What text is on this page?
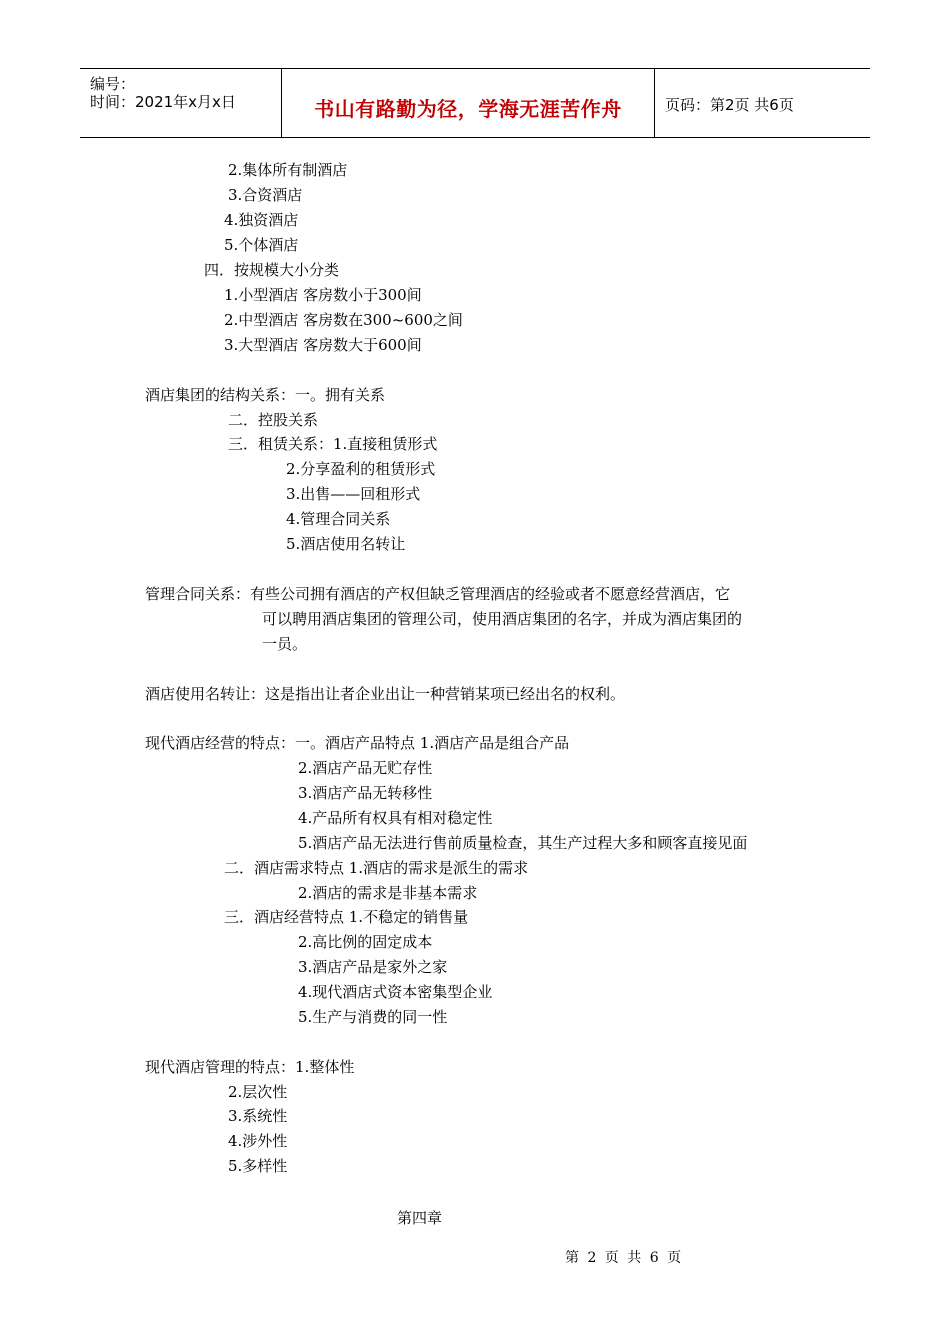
编号：
时间：2021年x月x日	书山有路勤为径，学海无涯苦作舟	页码：第2页 共6页
2.集体所有制酒店
3.合资酒店
4.独资酒店
5.个体酒店
四．按规模大小分类
1.小型酒店 客房数小于300间
2.中型酒店 客房数在300~600之间
3.大型酒店 客房数大于600间
酒店集团的结构关系：一。拥有关系
二．控股关系
三．租赁关系：1.直接租赁形式
2.分享盈利的租赁形式
3.出售——回租形式
4.管理合同关系
5.酒店使用名转让
管理合同关系：有些公司拥有酒店的产权但缺乏管理酒店的经验或者不愿意经营酒店，它
可以聘用酒店集团的管理公司，使用酒店集团的名字，并成为酒店集团的
一员。
酒店使用名转让：这是指出让者企业出让一种营销某项已经出名的权利。
现代酒店经营的特点：一。酒店产品特点 1.酒店产品是组合产品
2.酒店产品无贮存性
3.酒店产品无转移性
4.产品所有权具有相对稳定性
5.酒店产品无法进行售前质量检查，其生产过程大多和顾客直接见面
二．酒店需求特点 1.酒店的需求是派生的需求
2.酒店的需求是非基本需求
三．酒店经营特点 1.不稳定的销售量
2.高比例的固定成本
3.酒店产品是家外之家
4.现代酒店式资本密集型企业
5.生产与消费的同一性
现代酒店管理的特点：1.整体性
2.层次性
3.系统性
4.涉外性
5.多样性
第四章
第 2 页 共 6 页
